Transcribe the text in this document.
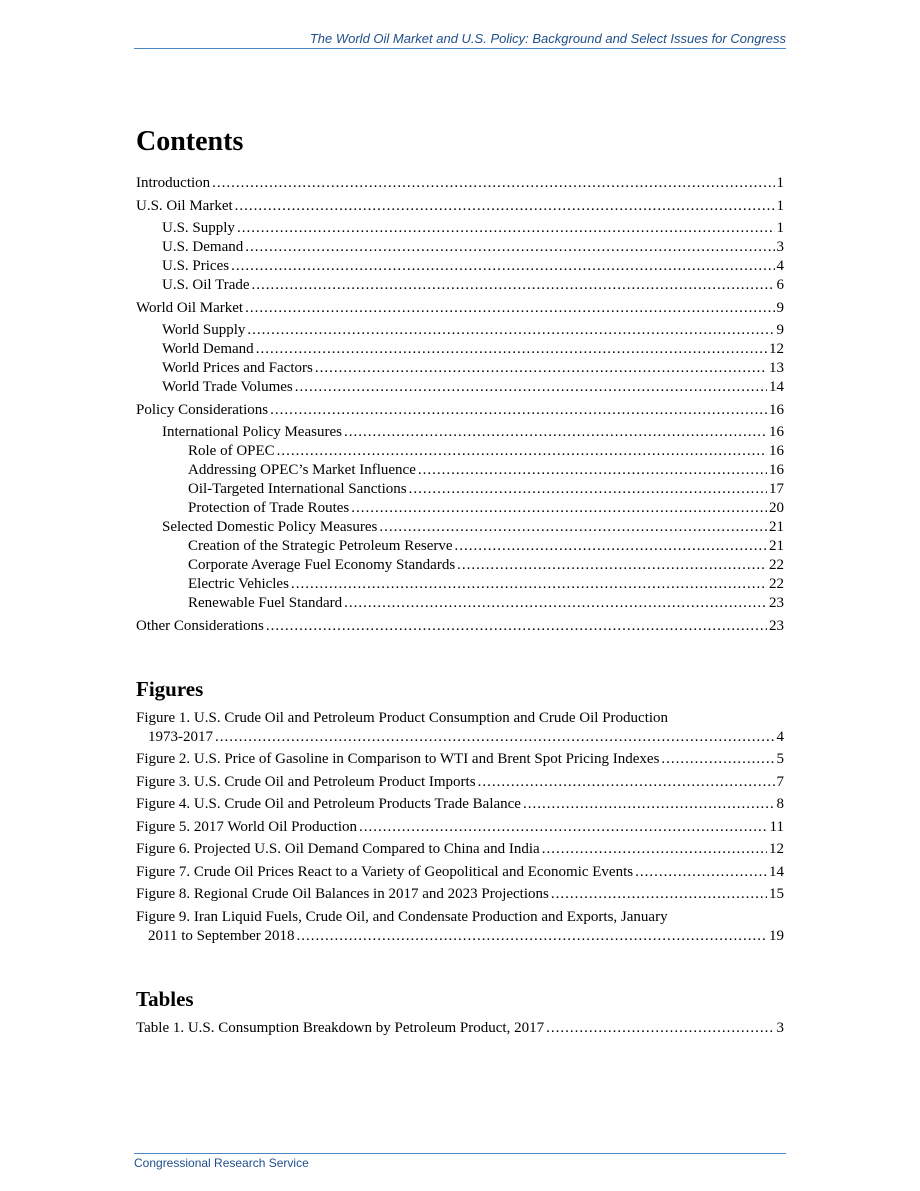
The World Oil Market and U.S. Policy: Background and Select Issues for Congress
Contents
Introduction .....	1
U.S. Oil Market .....	1
U.S. Supply .....	1
U.S. Demand .....	3
U.S. Prices .....	4
U.S. Oil Trade .....	6
World Oil Market .....	9
World Supply .....	9
World Demand .....	12
World Prices and Factors .....	13
World Trade Volumes .....	14
Policy Considerations .....	16
International Policy Measures .....	16
Role of OPEC .....	16
Addressing OPEC’s Market Influence .....	16
Oil-Targeted International Sanctions .....	17
Protection of Trade Routes .....	20
Selected Domestic Policy Measures .....	21
Creation of the Strategic Petroleum Reserve .....	21
Corporate Average Fuel Economy Standards .....	22
Electric Vehicles .....	22
Renewable Fuel Standard .....	23
Other Considerations .....	23
Figures
Figure 1. U.S. Crude Oil and Petroleum Product Consumption and Crude Oil Production
1973-2017 .....	4
Figure 2. U.S. Price of Gasoline in Comparison to WTI and Brent Spot Pricing Indexes .....	5
Figure 3. U.S. Crude Oil and Petroleum Product Imports .....	7
Figure 4. U.S. Crude Oil and Petroleum Products Trade Balance .....	8
Figure 5. 2017 World Oil Production .....	11
Figure 6. Projected U.S. Oil Demand Compared to China and India .....	12
Figure 7. Crude Oil Prices React to a Variety of Geopolitical and Economic Events .....	14
Figure 8. Regional Crude Oil Balances in 2017 and 2023 Projections .....	15
Figure 9. Iran Liquid Fuels, Crude Oil, and Condensate Production and Exports, January
2011 to September 2018 .....	19
Tables
Table 1. U.S. Consumption Breakdown by Petroleum Product, 2017 .....	3
Congressional Research Service
